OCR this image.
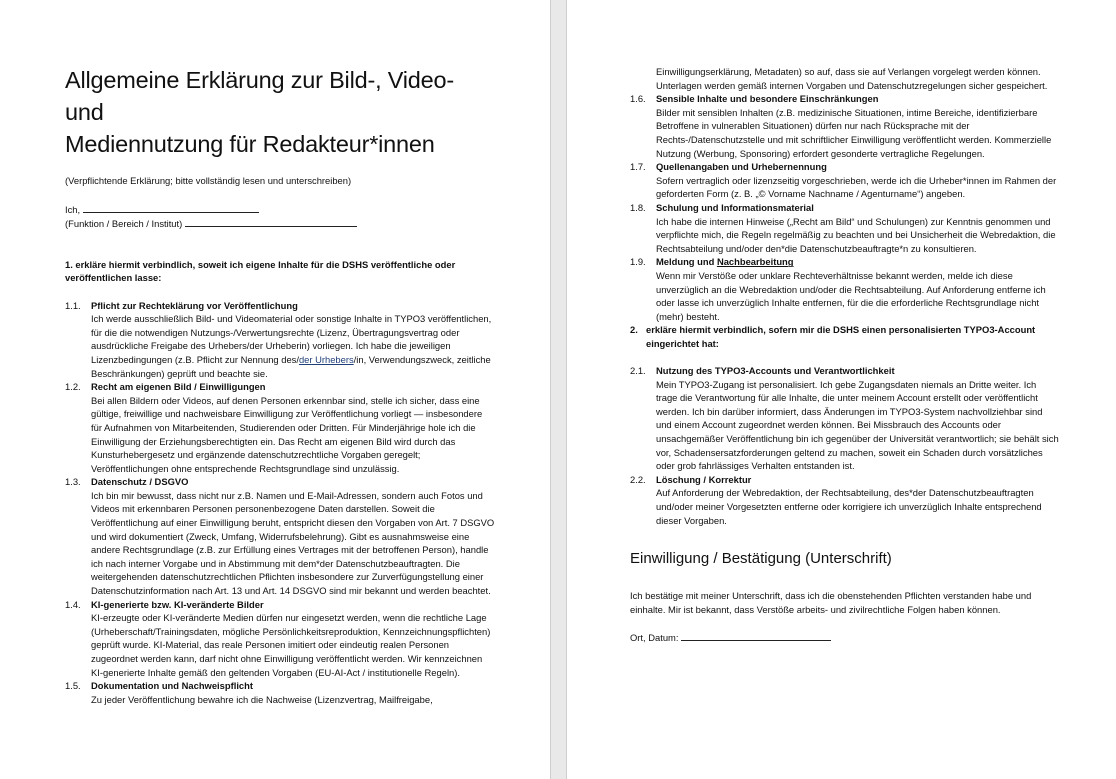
Allgemeine Erklärung zur Bild-, Video- und
Mediennutzung für Redakteur*innen

(Verpflichtende Erklärung; bitte vollständig lesen und unterschreiben)

Ich,

(Funktion / Bereich / Institut)

1. erkläre hiermit verbindlich, soweit ich eigene Inhalte für die DSHS veröffentliche oder veröffentlichen lasse:
1.1. Pflicht zur Rechteklärung vor Veröffentlichung
Ich werde ausschließlich Bild- und Videomaterial oder sonstige Inhalte in TYPO3 veröffentlichen, für die die notwendigen Nutzungs-/Verwertungsrechte (Lizenz, Übertragungsvertrag oder ausdrückliche Freigabe des Urhebers/der Urheberin) vorliegen. Ich habe die jeweiligen Lizenzbedingungen (z.B. Pflicht zur Nennung des/der Urhebers/in, Verwendungszweck, zeitliche Beschränkungen) geprüft und beachte sie.
1.2. Recht am eigenen Bild / Einwilligungen
Bei allen Bildern oder Videos, auf denen Personen erkennbar sind, stelle ich sicher, dass eine gültige, freiwillige und nachweisbare Einwilligung zur Veröffentlichung vorliegt — insbesondere für Aufnahmen von Mitarbeitenden, Studierenden oder Dritten. Für Minderjährige hole ich die Einwilligung der Erziehungsberechtigten ein. Das Recht am eigenen Bild wird durch das Kunsturhebergesetz und ergänzende datenschutzrechtliche Vorgaben geregelt; Veröffentlichungen ohne entsprechende Rechtsgrundlage sind unzulässig.
1.3. Datenschutz / DSGVO
Ich bin mir bewusst, dass nicht nur z.B. Namen und E-Mail-Adressen, sondern auch Fotos und Videos mit erkennbaren Personen personenbezogene Daten darstellen. Soweit die Veröffentlichung auf einer Einwilligung beruht, entspricht diesen den Vorgaben von Art. 7 DSGVO und wird dokumentiert (Zweck, Umfang, Widerrufsbelehrung). Gibt es ausnahmsweise eine andere Rechtsgrundlage (z.B. zur Erfüllung eines Vertrages mit der betroffenen Person), handle ich nach interner Vorgabe und in Abstimmung mit dem*der Datenschutzbeauftragten. Die weitergehenden datenschutzrechtlichen Pflichten insbesondere zur Zurverfügungstellung einer Datenschutzinformation nach Art. 13 und Art. 14 DSGVO sind mir bekannt und werden beachtet.
1.4. KI-generierte bzw. KI-veränderte Bilder
KI-erzeugte oder KI-veränderte Medien dürfen nur eingesetzt werden, wenn die rechtliche Lage (Urheberschaft/Trainingsdaten, mögliche Persönlichkeitsreproduktion, Kennzeichnungspflichten) geprüft wurde. KI-Material, das reale Personen imitiert oder eindeutig realen Personen zugeordnet werden kann, darf nicht ohne Einwilligung veröffentlicht werden. Wir kennzeichnen KI-generierte Inhalte gemäß den geltenden Vorgaben (EU-AI-Act / institutionelle Regeln).
1.5. Dokumentation und Nachweispflicht
Zu jeder Veröffentlichung bewahre ich die Nachweise (Lizenzvertrag, Mailfreigabe,
Einwilligungserklärung, Metadaten) so auf, dass sie auf Verlangen vorgelegt werden können. Unterlagen werden gemäß internen Vorgaben und Datenschutzregelungen sicher gespeichert.
1.6. Sensible Inhalte und besondere Einschränkungen
Bilder mit sensiblen Inhalten (z.B. medizinische Situationen, intime Bereiche, identifizierbare Betroffene in vulnerablen Situationen) dürfen nur nach Rücksprache mit der Rechts-/Datenschutzstelle und mit schriftlicher Einwilligung veröffentlicht werden. Kommerzielle Nutzung (Werbung, Sponsoring) erfordert gesonderte vertragliche Regelungen.
1.7. Quellenangaben und Urhebernennung
Sofern vertraglich oder lizenzseitig vorgeschrieben, werde ich die Urheber*innen im Rahmen der geforderten Form (z. B. „© Vorname Nachname / Agenturname“) angeben.
1.8. Schulung und Informationsmaterial
Ich habe die internen Hinweise („Recht am Bild“ und Schulungen) zur Kenntnis genommen und verpflichte mich, die Regeln regelmäßig zu beachten und bei Unsicherheit die Webredaktion, die Rechtsabteilung und/oder den*die Datenschutzbeauftragte*n zu konsultieren.
1.9. Meldung und Nachbearbeitung
Wenn mir Verstöße oder unklare Rechteverhältnisse bekannt werden, melde ich diese unverzüglich an die Webredaktion und/oder die Rechtsabteilung. Auf Anforderung entferne ich oder lasse ich unverzüglich Inhalte entfernen, für die die erforderliche Rechtsgrundlage nicht (mehr) besteht.
2. erkläre hiermit verbindlich, sofern mir die DSHS einen personalisierten TYPO3-Account eingerichtet hat:
2.1. Nutzung des TYPO3-Accounts und Verantwortlichkeit
Mein TYPO3-Zugang ist personalisiert. Ich gebe Zugangsdaten niemals an Dritte weiter. Ich trage die Verantwortung für alle Inhalte, die unter meinem Account erstellt oder veröffentlicht werden. Ich bin darüber informiert, dass Änderungen im TYPO3-System nachvollziehbar sind und einem Account zugeordnet werden können. Bei Missbrauch des Accounts oder unsachgemäßer Veröffentlichung bin ich gegenüber der Universität verantwortlich; sie behält sich vor, Schadensersatzforderungen geltend zu machen, soweit ein Schaden durch vorsätzliches oder grob fahrlässiges Verhalten entstanden ist.
2.2. Löschung / Korrektur
Auf Anforderung der Webredaktion, der Rechtsabteilung, des*der Datenschutzbeauftragten und/oder meiner Vorgesetzten entferne oder korrigiere ich unverzüglich Inhalte entsprechend dieser Vorgaben.
Einwilligung / Bestätigung (Unterschrift)

Ich bestätige mit meiner Unterschrift, dass ich die obenstehenden Pflichten verstanden habe und einhalte. Mir ist bekannt, dass Verstöße arbeits- und zivilrechtliche Folgen haben können.

Ort, Datum:
